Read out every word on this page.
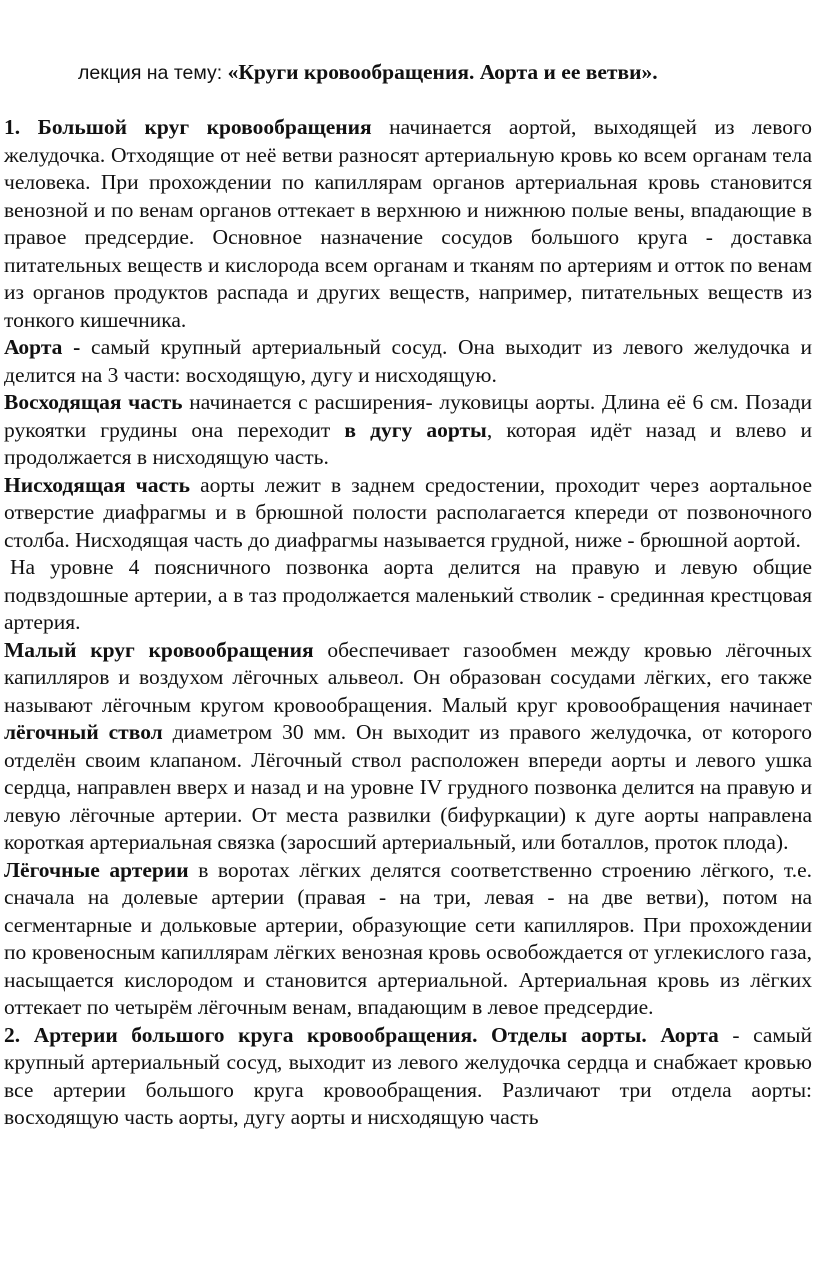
лекция на тему: «Круги кровообращения. Аорта и ее ветви».

1. Большой круг кровообращения начинается аортой, выходящей из левого желудочка. Отходящие от неё ветви разносят артериальную кровь ко всем органам тела человека. При прохождении по капиллярам органов артериальная кровь становится венозной и по венам органов оттекает в верхнюю и нижнюю полые вены, впадающие в правое предсердие. Основное назначение сосудов большого круга - доставка питательных веществ и кислорода всем органам и тканям по артериям и отток по венам из органов продуктов распада и других веществ, например, питательных веществ из тонкого кишечника.

Аорта - самый крупный артериальный сосуд. Она выходит из левого желудочка и делится на 3 части: восходящую, дугу и нисходящую.

Восходящая часть начинается с расширения- луковицы аорты. Длина её 6 см. Позади рукоятки грудины она переходит в дугу аорты, которая идёт назад и влево и продолжается в нисходящую часть.

Нисходящая часть аорты лежит в заднем средостении, проходит через аортальное отверстие диафрагмы и в брюшной полости располагается кпереди от позвоночного столба. Нисходящая часть до диафрагмы называется грудной, ниже - брюшной аортой.

На уровне 4 поясничного позвонка аорта делится на правую и левую общие подвздошные артерии, а в таз продолжается маленький стволик - срединная крестцовая артерия.

Малый круг кровообращения обеспечивает газообмен между кровью лёгочных капилляров и воздухом лёгочных альвеол. Он образован сосудами лёгких, его также называют лёгочным кругом кровообращения. Малый круг кровообращения начинает лёгочный ствол диаметром 30 мм. Он выходит из правого желудочка, от которого отделён своим клапаном. Лёгочный ствол расположен впереди аорты и левого ушка сердца, направлен вверх и назад и на уровне IV грудного позвонка делится на правую и левую лёгочные артерии. От места развилки (бифуркации) к дуге аорты направлена короткая артериальная связка (заросший артериальный, или боталлов, проток плода).

Лёгочные артерии в воротах лёгких делятся соответственно строению лёгкого, т.е. сначала на долевые артерии (правая - на три, левая - на две ветви), потом на сегментарные и дольковые артерии, образующие сети капилляров. При прохождении по кровеносным капиллярам лёгких венозная кровь освобождается от углекислого газа, насыщается кислородом и становится артериальной. Артериальная кровь из лёгких оттекает по четырём лёгочным венам, впадающим в левое предсердие.

2. Артерии большого круга кровообращения. Отделы аорты. Аорта - самый крупный артериальный сосуд, выходит из левого желудочка сердца и снабжает кровью все артерии большого круга кровообращения. Различают три отдела аорты: восходящую часть аорты, дугу аорты и нисходящую часть
